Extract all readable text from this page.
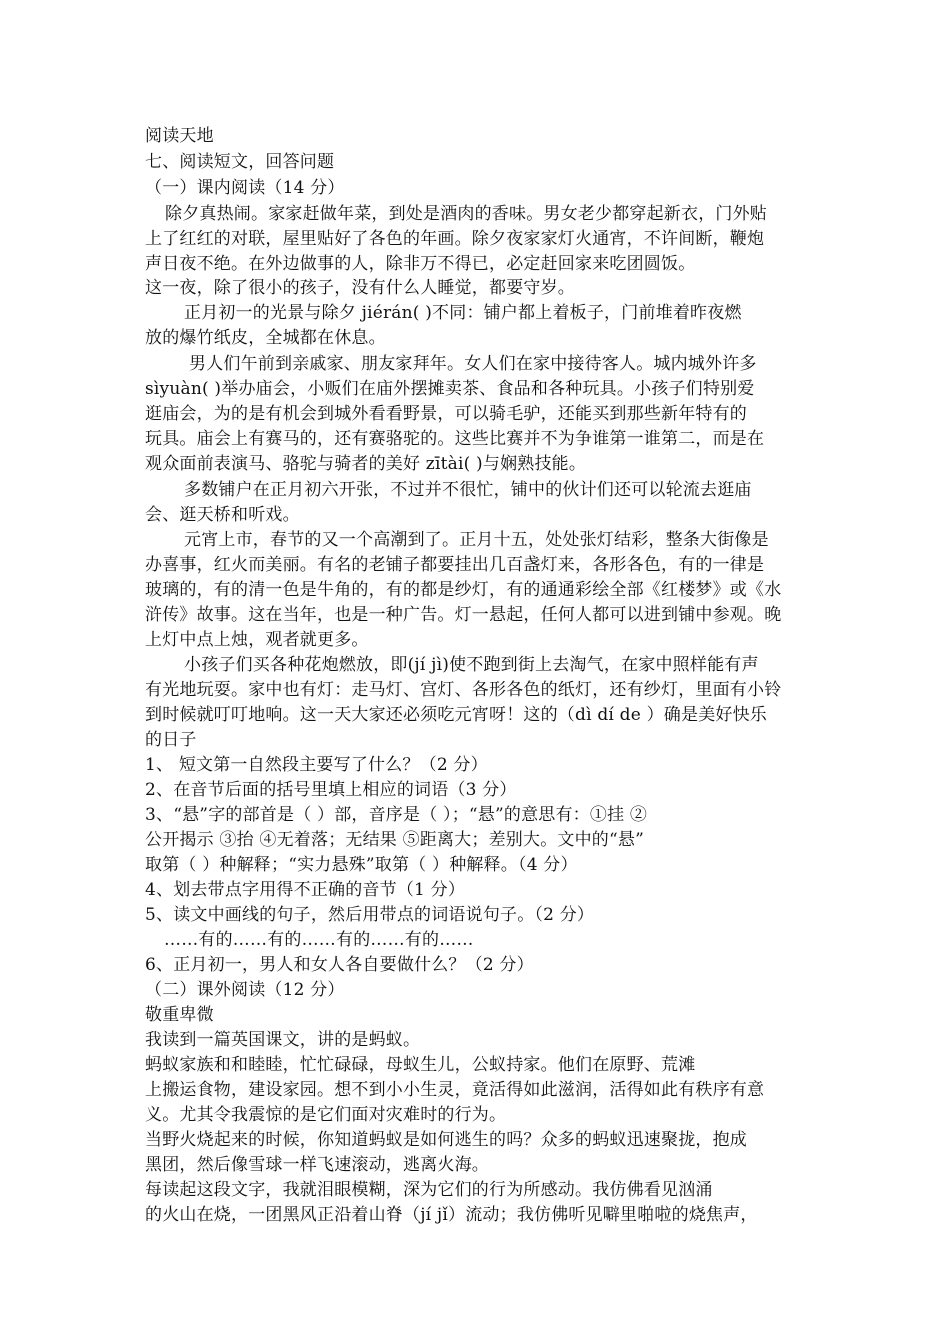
阅读天地
七、阅读短文，回答问题
（一）课内阅读（14 分）
除夕真热闹。家家赶做年菜，到处是酒肉的香味。男女老少都穿起新衣，门外贴
上了红红的对联，屋里贴好了各色的年画。除夕夜家家灯火通宵，不许间断，鞭炮
声日夜不绝。在外边做事的人，除非万不得已，必定赶回家来吃团圆饭。
这一夜，除了很小的孩子，没有什么人睡觉，都要守岁。
正月初一的光景与除夕 jiérán( )不同：铺户都上着板子，门前堆着昨夜燃
放的爆竹纸皮，全城都在休息。
男人们午前到亲戚家、朋友家拜年。女人们在家中接待客人。城内城外许多
sìyuàn( )举办庙会，小贩们在庙外摆摊卖茶、食品和各种玩具。小孩子们特别爱
逛庙会，为的是有机会到城外看看野景，可以骑毛驴，还能买到那些新年特有的
玩具。庙会上有赛马的，还有赛骆驼的。这些比赛并不为争谁第一谁第二，而是在
观众面前表演马、骆驼与骑者的美好 zītài( )与娴熟技能。
多数铺户在正月初六开张，不过并不很忙，铺中的伙计们还可以轮流去逛庙
会、逛天桥和听戏。
元宵上市，春节的又一个高潮到了。正月十五，处处张灯结彩，整条大街像是
办喜事，红火而美丽。有名的老铺子都要挂出几百盏灯来，各形各色，有的一律是
玻璃的，有的清一色是牛角的，有的都是纱灯，有的通通彩绘全部《红楼梦》或《水
浒传》故事。这在当年，也是一种广告。灯一悬起，任何人都可以进到铺中参观。晚
上灯中点上烛，观者就更多。
小孩子们买各种花炮燃放，即(jí jì)使不跑到街上去淘气，在家中照样能有声
有光地玩耍。家中也有灯：走马灯、宫灯、各形各色的纸灯，还有纱灯，里面有小铃
到时候就叮叮地响。这一天大家还必须吃元宵呀！这的（dì dí de ）确是美好快乐
的日子
1、 短文第一自然段主要写了什么？（2 分）
2、在音节后面的括号里填上相应的词语（3 分）
3、“悬”字的部首是（ ）部，音序是（ ）；“悬”的意思有：①挂 ②
公开揭示 ③抬 ④无着落；无结果 ⑤距离大；差别大。文中的“悬”
取第（ ）种解释；“实力悬殊”取第（ ）种解释。（4 分）
4、划去带点字用得不正确的音节（1 分）
5、读文中画线的句子，然后用带点的词语说句子。（2 分）
……有的……有的……有的……有的……
6、正月初一，男人和女人各自要做什么？（2 分）
（二）课外阅读（12 分）
敬重卑微
我读到一篇英国课文，讲的是蚂蚁。
蚂蚁家族和和睦睦，忙忙碌碌，母蚁生儿，公蚁持家。他们在原野、荒滩
上搬运食物，建设家园。想不到小小生灵，竟活得如此滋润，活得如此有秩序有意
义。尤其令我震惊的是它们面对灾难时的行为。
当野火烧起来的时候，你知道蚂蚁是如何逃生的吗？众多的蚂蚁迅速聚拢，抱成
黑团，然后像雪球一样飞速滚动，逃离火海。
每读起这段文字，我就泪眼模糊，深为它们的行为所感动。我仿佛看见汹涌
的火山在烧，一团黑风正沿着山脊（jí jǐ）流动；我仿佛听见噼里啪啦的烧焦声，
